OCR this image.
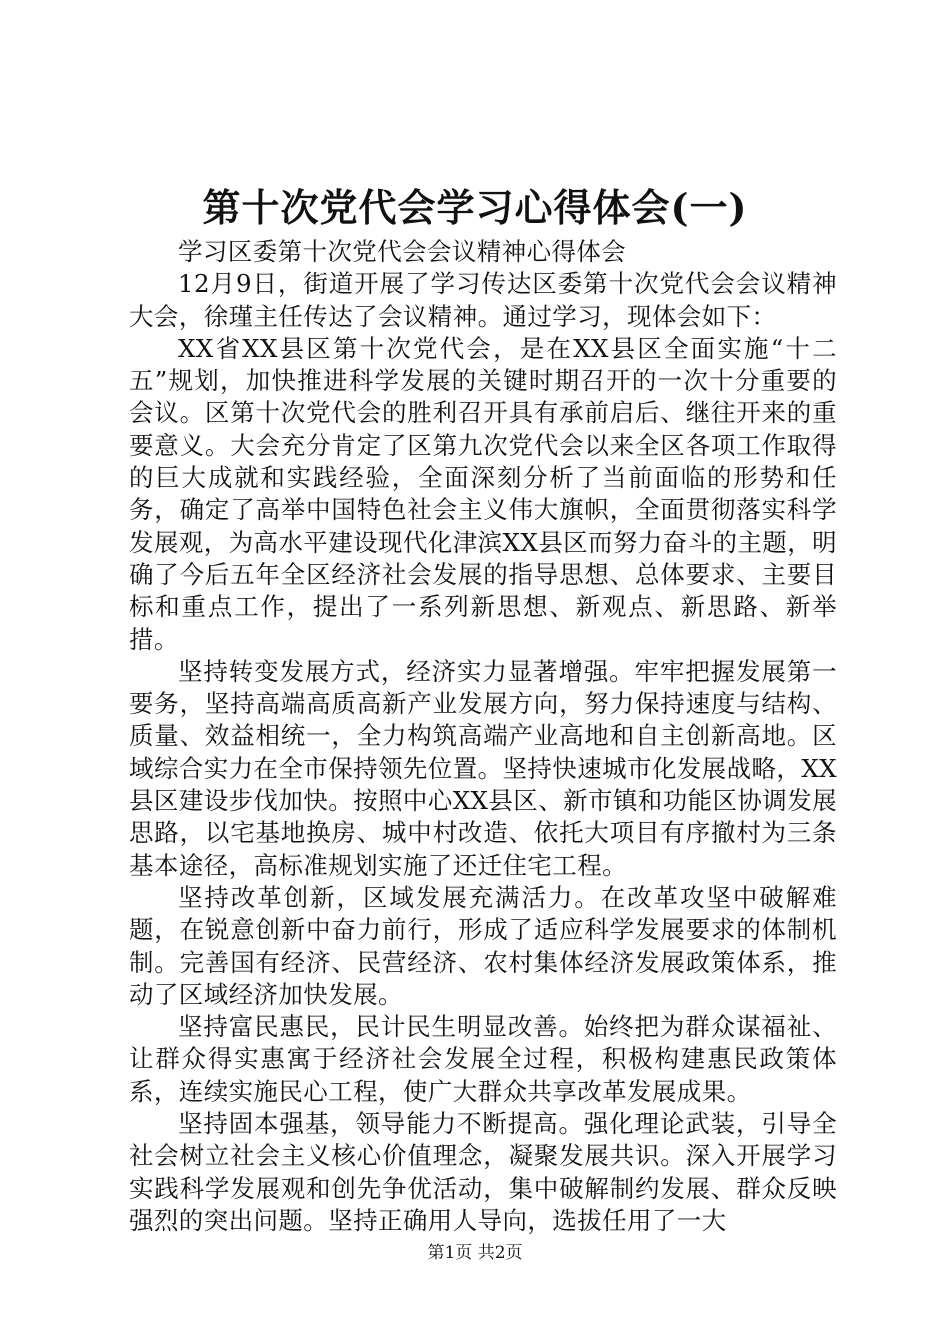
第十次党代会学习心得体会(一)

学习区委第十次党代会会议精神心得体会

12月9日，街道开展了学习传达区委第十次党代会会议精神大会，徐瑾主任传达了会议精神。通过学习，现体会如下：

XX省XX县区第十次党代会，是在XX县区全面实施“十二五”规划，加快推进科学发展的关键时期召开的一次十分重要的会议。区第十次党代会的胜利召开具有承前启后、继往开来的重要意义。大会充分肯定了区第九次党代会以来全区各项工作取得的巨大成就和实践经验，全面深刻分析了当前面临的形势和任务，确定了高举中国特色社会主义伟大旗帜，全面贯彻落实科学发展观，为高水平建设现代化津滨XX县区而努力奋斗的主题，明确了今后五年全区经济社会发展的指导思想、总体要求、主要目标和重点工作，提出了一系列新思想、新观点、新思路、新举措。

坚持转变发展方式，经济实力显著增强。牢牢把握发展第一要务，坚持高端高质高新产业发展方向，努力保持速度与结构、质量、效益相统一，全力构筑高端产业高地和自主创新高地。区域综合实力在全市保持领先位置。坚持快速城市化发展战略，XX县区建设步伐加快。按照中心XX县区、新市镇和功能区协调发展思路，以宅基地换房、城中村改造、依托大项目有序撤村为三条基本途径，高标准规划实施了还迁住宅工程。

坚持改革创新，区域发展充满活力。在改革攻坚中破解难题，在锐意创新中奋力前行，形成了适应科学发展要求的体制机制。完善国有经济、民营经济、农村集体经济发展政策体系，推动了区域经济加快发展。

坚持富民惠民，民计民生明显改善。始终把为群众谋福祉、让群众得实惠寓于经济社会发展全过程，积极构建惠民政策体系，连续实施民心工程，使广大群众共享改革发展成果。

坚持固本强基，领导能力不断提高。强化理论武装，引导全社会树立社会主义核心价值理念，凝聚发展共识。深入开展学习实践科学发展观和创先争优活动，集中破解制约发展、群众反映强烈的突出问题。坚持正确用人导向，选拔任用了一大

第1页 共2页
